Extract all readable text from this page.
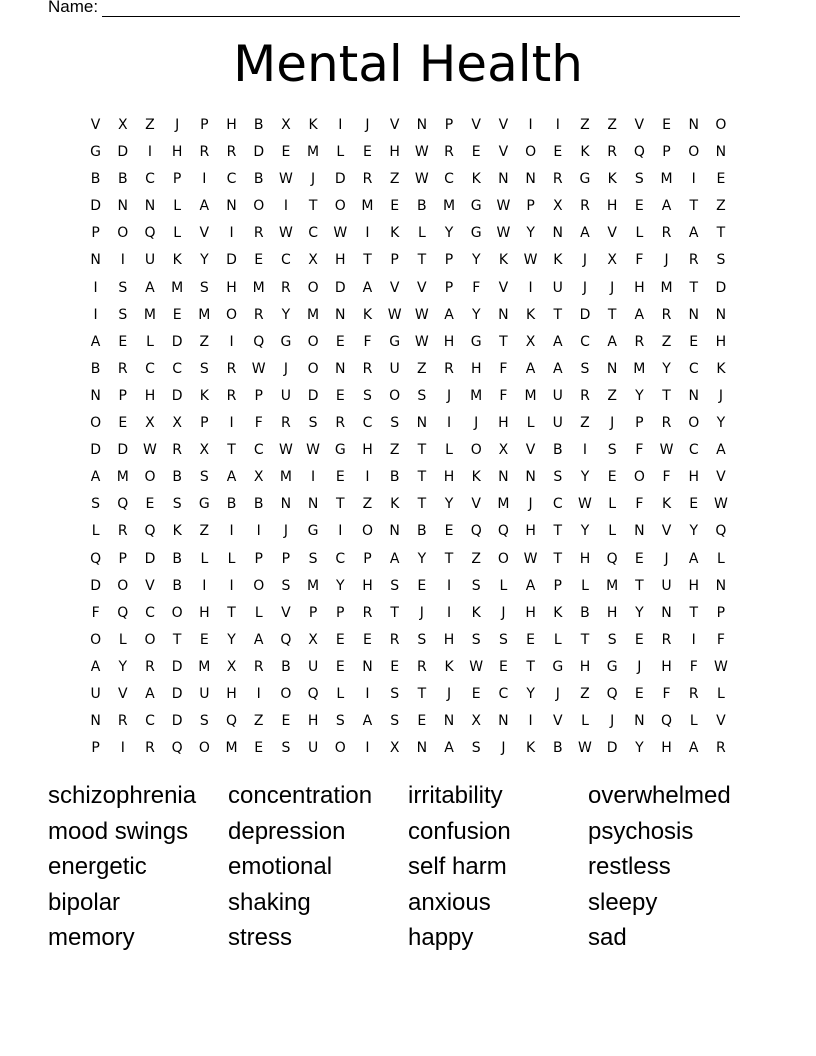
Name:
Mental Health
V	X	Z	J	P	H	B	X	K	I	J	V	N	P	V	V	I	I	Z	Z	V	E	N	O
G	D	I	H	R	R	D	E	M	L	E	H	W	R	E	V	O	E	K	R	Q	P	O	N
B	B	C	P	I	C	B	W	J	D	R	Z	W	C	K	N	N	R	G	K	S	M	I	E
D	N	N	L	A	N	O	I	T	O	M	E	B	M	G	W	P	X	R	H	E	A	T	Z
P	O	Q	L	V	I	R	W	C	W	I	K	L	Y	G	W	Y	N	A	V	L	R	A	T
N	I	U	K	Y	D	E	C	X	H	T	P	T	P	Y	K	W	K	J	X	F	J	R	S
I	S	A	M	S	H	M	R	O	D	A	V	V	P	F	V	I	U	J	J	H	M	T	D
I	S	M	E	M	O	R	Y	M	N	K	W W	A	Y	N	K	T	D	T	A	R	N	N
A	E	L	D	Z	I	Q	G	O	E	F	G	W	H	G	T	X	A	C	A	R	Z	E	H
B	R	C	C	S	R	W	J	O	N	R	U	Z	R	H	F	A	A	S	N	M	Y	C	K
N	P	H	D	K	R	P	U	D	E	S	O	S	J	M	F	M	U	R	Z	Y	T	N	J
O	E	X	X	P	I	F	R	S	R	C	S	N	I	J	H	L	U	Z	J	P	R	O	Y
D	D	W	R	X	T	C	W W	G	H	Z	T	L	O	X	V	B	I	S	F	W	C	A
A	M	O	B	S	A	X	M	I	E	I	B	T	H	K	N	N	S	Y	E	O	F	H	V
S	Q	E	S	G	B	B	N	N	T	Z	K	T	Y	V	M	J	C	W	L	F	K	E	W
L	R	Q	K	Z	I	I	J	G	I	O	N	B	E	Q	Q	H	T	Y	L	N	V	Y	Q
Q	P	D	B	L	L	P	P	S	C	P	A	Y	T	Z	O	W	T	H	Q	E	J	A	L
D	O	V	B	I	I	O	S	M	Y	H	S	E	I	S	L	A	P	L	M	T	U	H	N
F	Q	C	O	H	T	L	V	P	P	R	T	J	I	K	J	H	K	B	H	Y	N	T	P
O	L	O	T	E	Y	A	Q	X	E	E	R	S	H	S	S	E	L	T	S	E	R	I	F
A	Y	R	D	M	X	R	B	U	E	N	E	R	K	W	E	T	G	H	G	J	H	F	W
U	V	A	D	U	H	I	O	Q	L	I	S	T	J	E	C	Y	J	Z	Q	E	F	R	L
N	R	C	D	S	Q	Z	E	H	S	A	S	E	N	X	N	I	V	L	J	N	Q	L	V
P	I	R	Q	O	M	E	S	U	O	I	X	N	A	S	J	K	B	W	D	Y	H	A	R
schizophrenia	concentration	irritability	overwhelmed
mood swings	depression	confusion	psychosis
energetic	emotional	self harm	restless
bipolar	shaking	anxious	sleepy
memory	stress	happy	sad
